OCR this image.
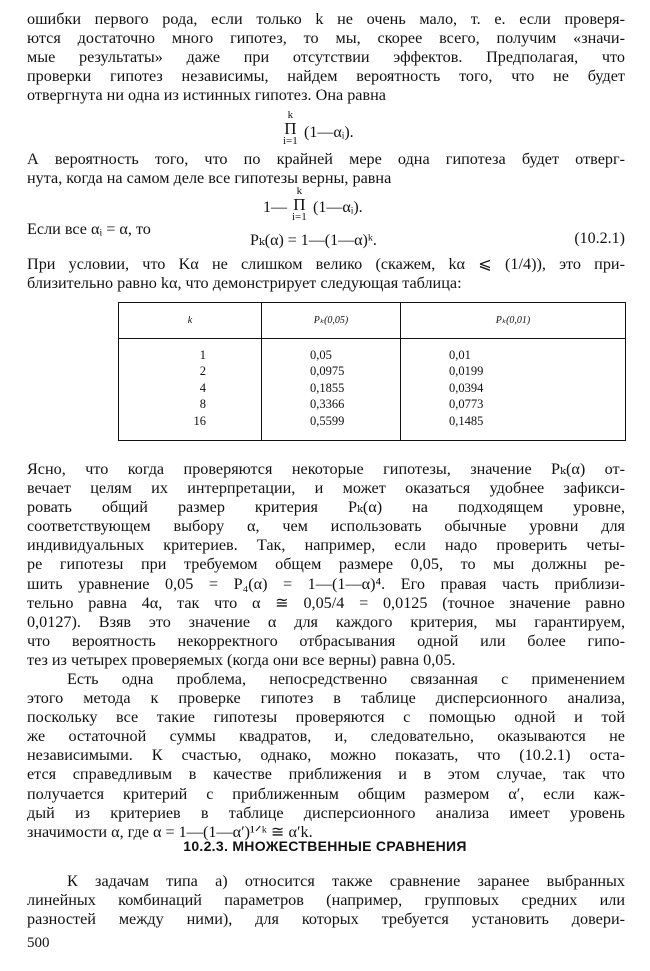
ошибки первого рода, если только k не очень мало, т. е. если проверя-
ются достаточно много гипотез, то мы, скорее всего, получим «значи-
мые результаты» даже при отсутствии эффектов. Предполагая, что
проверки гипотез независимы, найдем вероятность того, что не будет
отвергнута ни одна из истинных гипотез. Она равна
k
Π
i=1 (1—αᵢ).
А вероятность того, что по крайней мере одна гипотеза будет отверг-
нута, когда на самом деле все гипотезы верны, равна
1—
k
Π
i=1
(1—αᵢ).
Если все αᵢ = α, то
Pₖ(α) = 1—(1—α)ᵏ.	(10.2.1)
При условии, что Kα не слишком велико (скажем, kα ⩽ (1/4)), это при-
близительно равно kα, что демонстрирует следующая таблица:
k	Pₖ(0,05)	Pₖ(0,01)
1	0,05	0,01
2	0,0975	0,0199
4	0,1855	0,0394
8	0,3366	0,0773
16	0,5599	0,1485
Ясно, что когда проверяются некоторые гипотезы, значение Pₖ(α) от-
вечает целям их интерпретации, и может оказаться удобнее зафикси-
ровать общий размер критерия Pₖ(α) на подходящем уровне,
соответствующем выбору α, чем использовать обычные уровни для
индивидуальных критериев. Так, например, если надо проверить четы-
ре гипотезы при требуемом общем размере 0,05, то мы должны ре-
шить уравнение 0,05 = P₄(α) = 1—(1—α)⁴. Его правая часть приблизи-
тельно равна 4α, так что α ≅ 0,05/4 = 0,0125 (точное значение равно
0,0127). Взяв это значение α для каждого критерия, мы гарантируем,
что вероятность некорректного отбрасывания одной или более гипо-
тез из четырех проверяемых (когда они все верны) равна 0,05.
Есть одна проблема, непосредственно связанная с применением
этого метода к проверке гипотез в таблице дисперсионного анализа,
поскольку все такие гипотезы проверяются с помощью одной и той
же остаточной суммы квадратов, и, следовательно, оказываются не
независимыми. К счастью, однако, можно показать, что (10.2.1) оста-
ется справедливым в качестве приближения и в этом случае, так что
получается критерий с приближенным общим размером α′, если каж-
дый из критериев в таблице дисперсионного анализа имеет уровень
значимости α, где α = 1—(1—α′)¹ᐟᵏ ≅ α′k.
10.2.3. МНОЖЕСТВЕННЫЕ СРАВНЕНИЯ
К задачам типа а) относится также сравнение заранее выбранных
линейных комбинаций параметров (например, групповых средних или
разностей между ними), для которых требуется установить довери-
500
